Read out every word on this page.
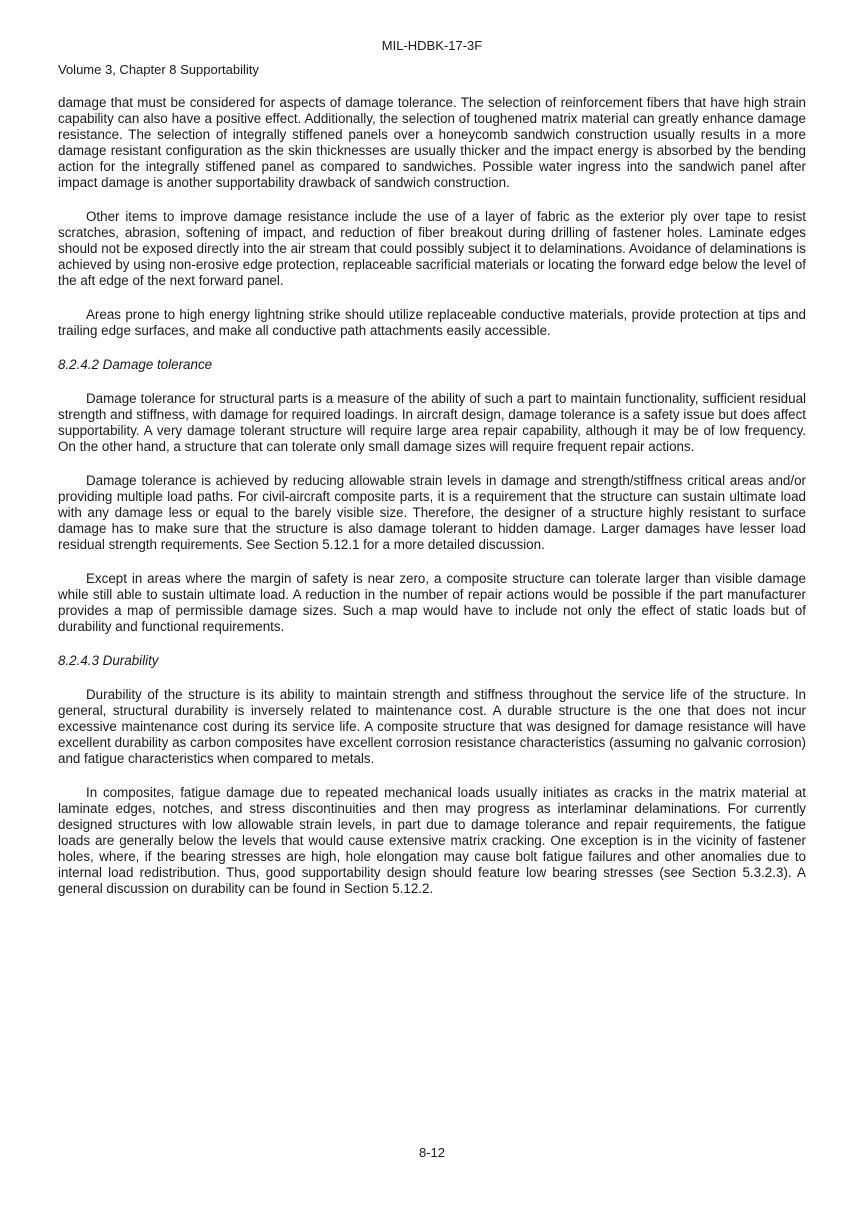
MIL-HDBK-17-3F
Volume 3, Chapter 8 Supportability

damage that must be considered for aspects of damage tolerance. The selection of reinforcement fibers that have high strain capability can also have a positive effect. Additionally, the selection of toughened matrix material can greatly enhance damage resistance. The selection of integrally stiffened panels over a honeycomb sandwich construction usually results in a more damage resistant configuration as the skin thicknesses are usually thicker and the impact energy is absorbed by the bending action for the integrally stiffened panel as compared to sandwiches. Possible water ingress into the sandwich panel after impact damage is another supportability drawback of sandwich construction.

Other items to improve damage resistance include the use of a layer of fabric as the exterior ply over tape to resist scratches, abrasion, softening of impact, and reduction of fiber breakout during drilling of fastener holes. Laminate edges should not be exposed directly into the air stream that could possibly subject it to delaminations. Avoidance of delaminations is achieved by using non-erosive edge protection, replaceable sacrificial materials or locating the forward edge below the level of the aft edge of the next forward panel.

Areas prone to high energy lightning strike should utilize replaceable conductive materials, provide protection at tips and trailing edge surfaces, and make all conductive path attachments easily accessible.

8.2.4.2 Damage tolerance

Damage tolerance for structural parts is a measure of the ability of such a part to maintain functionality, sufficient residual strength and stiffness, with damage for required loadings. In aircraft design, damage tolerance is a safety issue but does affect supportability. A very damage tolerant structure will require large area repair capability, although it may be of low frequency. On the other hand, a structure that can tolerate only small damage sizes will require frequent repair actions.

Damage tolerance is achieved by reducing allowable strain levels in damage and strength/stiffness critical areas and/or providing multiple load paths. For civil-aircraft composite parts, it is a requirement that the structure can sustain ultimate load with any damage less or equal to the barely visible size. Therefore, the designer of a structure highly resistant to surface damage has to make sure that the structure is also damage tolerant to hidden damage. Larger damages have lesser load residual strength requirements. See Section 5.12.1 for a more detailed discussion.

Except in areas where the margin of safety is near zero, a composite structure can tolerate larger than visible damage while still able to sustain ultimate load. A reduction in the number of repair actions would be possible if the part manufacturer provides a map of permissible damage sizes. Such a map would have to include not only the effect of static loads but of durability and functional requirements.

8.2.4.3 Durability

Durability of the structure is its ability to maintain strength and stiffness throughout the service life of the structure. In general, structural durability is inversely related to maintenance cost. A durable structure is the one that does not incur excessive maintenance cost during its service life. A composite structure that was designed for damage resistance will have excellent durability as carbon composites have excellent corrosion resistance characteristics (assuming no galvanic corrosion) and fatigue characteristics when compared to metals.

In composites, fatigue damage due to repeated mechanical loads usually initiates as cracks in the matrix material at laminate edges, notches, and stress discontinuities and then may progress as interlaminar delaminations. For currently designed structures with low allowable strain levels, in part due to damage tolerance and repair requirements, the fatigue loads are generally below the levels that would cause extensive matrix cracking. One exception is in the vicinity of fastener holes, where, if the bearing stresses are high, hole elongation may cause bolt fatigue failures and other anomalies due to internal load redistribution. Thus, good supportability design should feature low bearing stresses (see Section 5.3.2.3). A general discussion on durability can be found in Section 5.12.2.

8-12
